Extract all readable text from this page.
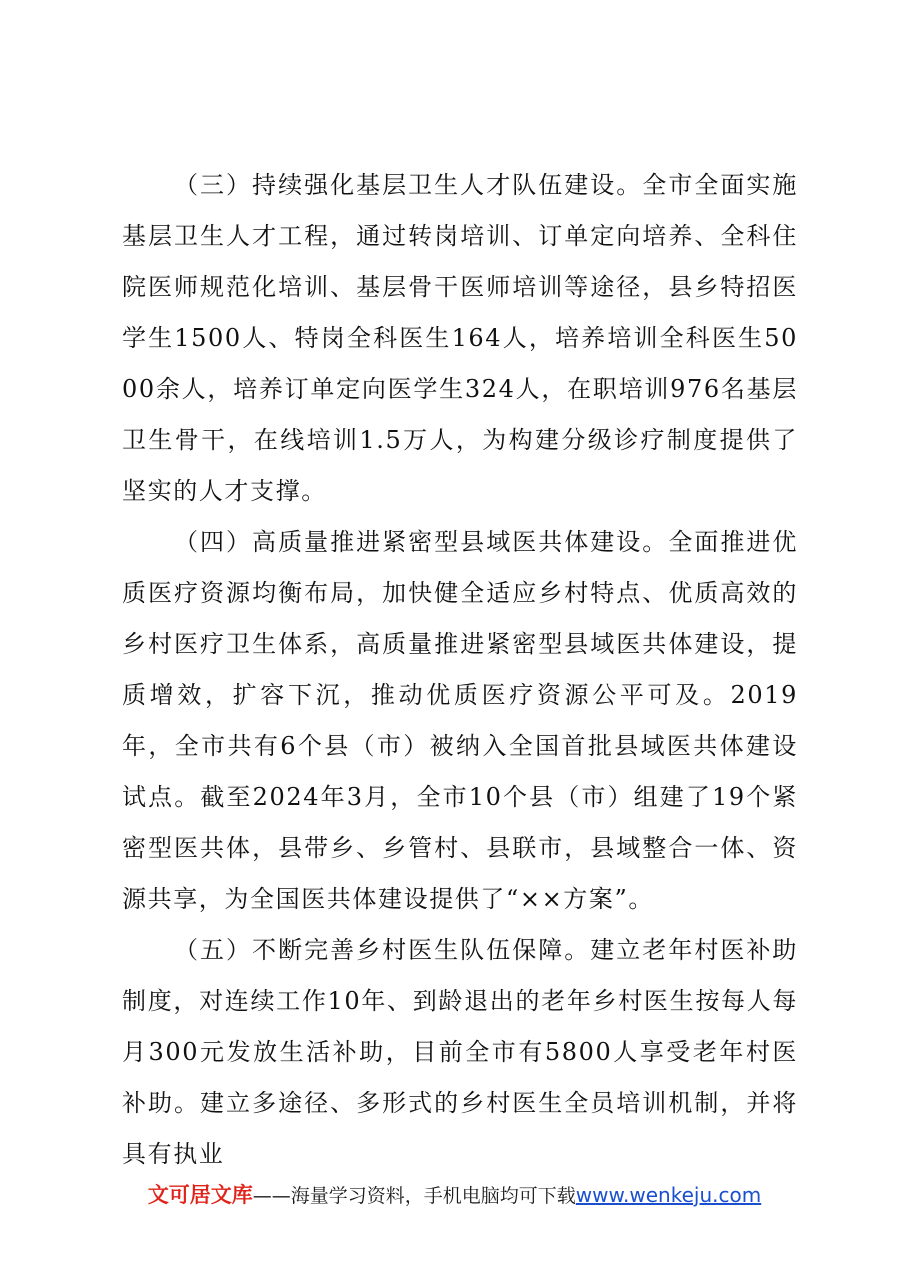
（三）持续强化基层卫生人才队伍建设。全市全面实施基层卫生人才工程，通过转岗培训、订单定向培养、全科住院医师规范化培训、基层骨干医师培训等途径，县乡特招医学生1500人、特岗全科医生164人，培养培训全科医生5000余人，培养订单定向医学生324人，在职培训976名基层卫生骨干，在线培训1.5万人，为构建分级诊疗制度提供了坚实的人才支撑。

（四）高质量推进紧密型县域医共体建设。全面推进优质医疗资源均衡布局，加快健全适应乡村特点、优质高效的乡村医疗卫生体系，高质量推进紧密型县域医共体建设，提质增效，扩容下沉，推动优质医疗资源公平可及。2019年，全市共有6个县（市）被纳入全国首批县域医共体建设试点。截至2024年3月，全市10个县（市）组建了19个紧密型医共体，县带乡、乡管村、县联市，县域整合一体、资源共享，为全国医共体建设提供了“××方案”。

（五）不断完善乡村医生队伍保障。建立老年村医补助制度，对连续工作10年、到龄退出的老年乡村医生按每人每月300元发放生活补助，目前全市有5800人享受老年村医补助。建立多途径、多形式的乡村医生全员培训机制，并将具有执业

文可居文库——海量学习资料，手机电脑均可下载www.wenkeju.com
